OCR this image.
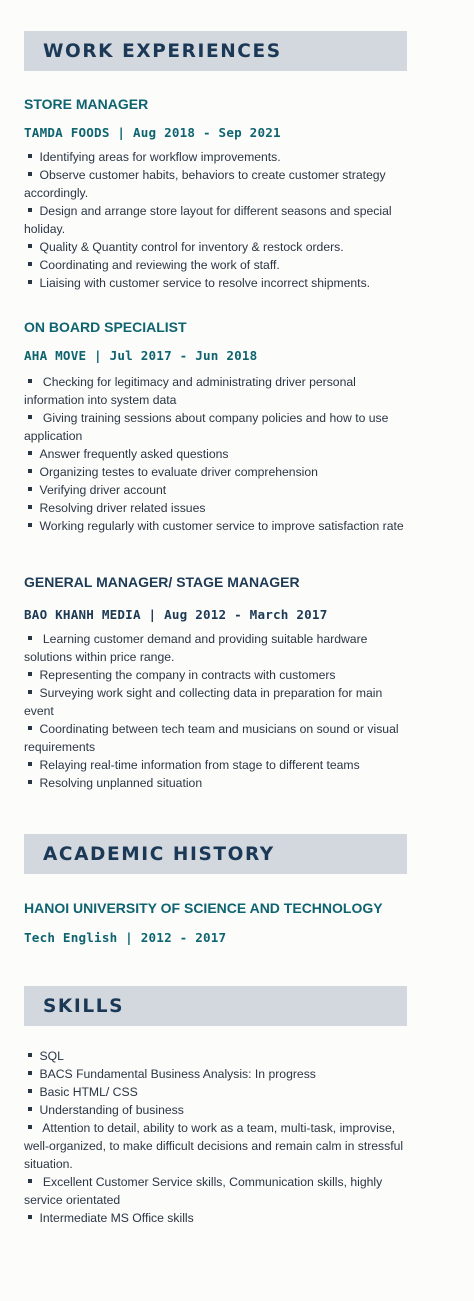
WORK EXPERIENCES

STORE MANAGER

TAMDA FOODS | Aug 2018 - Sep 2021

Identifying areas for workflow improvements.
Observe customer habits, behaviors to create customer strategy accordingly.
Design and arrange store layout for different seasons and special holiday.
Quality & Quantity control for inventory & restock orders.
Coordinating and reviewing the work of staff.
Liaising with customer service to resolve incorrect shipments.

ON BOARD SPECIALIST

AHA MOVE | Jul 2017 - Jun 2018

Checking for legitimacy and administrating driver personal information into system data
Giving training sessions about company policies and how to use application
Answer frequently asked questions
Organizing testes to evaluate driver comprehension
Verifying driver account
Resolving driver related issues
Working regularly with customer service to improve satisfaction rate

GENERAL MANAGER/ STAGE MANAGER

BAO KHANH MEDIA | Aug 2012 - March 2017

Learning customer demand and providing suitable hardware solutions within price range.
Representing the company in contracts with customers
Surveying work sight and collecting data in preparation for main event
Coordinating between tech team and musicians on sound or visual requirements
Relaying real-time information from stage to different teams
Resolving unplanned situation
ACADEMIC HISTORY

HANOI UNIVERSITY OF SCIENCE AND TECHNOLOGY

Tech English | 2012 - 2017

SKILLS
SQL
BACS Fundamental Business Analysis: In progress
Basic HTML/ CSS
Understanding of business
Attention to detail, ability to work as a team, multi-task, improvise, well-organized, to make difficult decisions and remain calm in stressful situation.
Excellent Customer Service skills, Communication skills, highly service orientated
Intermediate MS Office skills
